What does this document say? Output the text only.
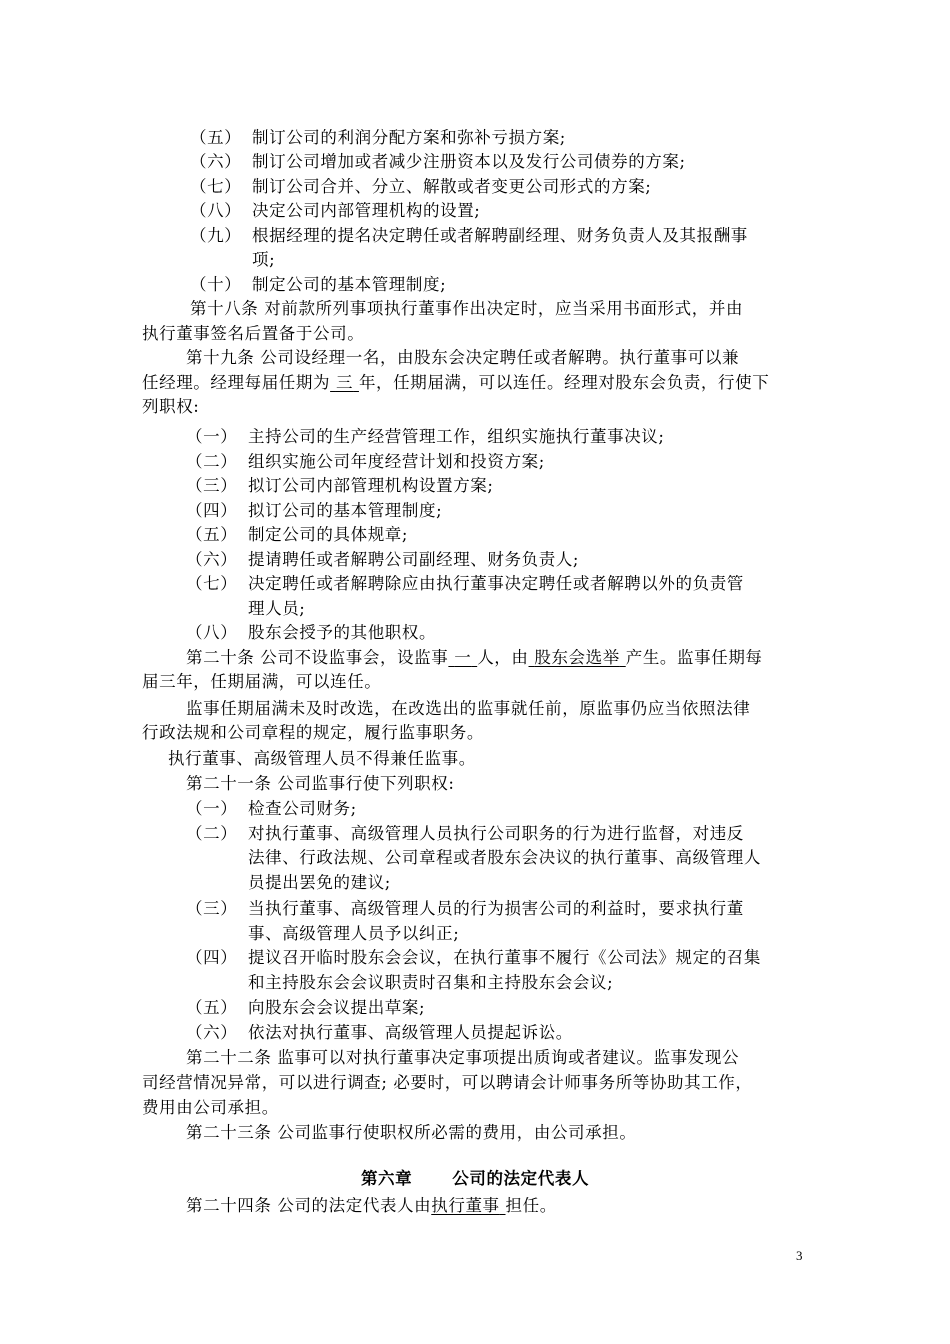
（五） 制订公司的利润分配方案和弥补亏损方案;
（六） 制订公司增加或者减少注册资本以及发行公司债券的方案;
（七） 制订公司合并、分立、解散或者变更公司形式的方案;
（八） 决定公司内部管理机构的设置;
（九） 根据经理的提名决定聘任或者解聘副经理、财务负责人及其报酬事
项;
（十） 制定公司的基本管理制度;
第十八条 对前款所列事项执行董事作出决定时，应当采用书面形式，并由
执行董事签名后置备于公司。
第十九条 公司设经理一名，由股东会决定聘任或者解聘。执行董事可以兼
任经理。经理每届任期为 三 年，任期届满，可以连任。经理对股东会负责，行使下
列职权:
（一） 主持公司的生产经营管理工作，组织实施执行董事决议;
（二） 组织实施公司年度经营计划和投资方案;
（三） 拟订公司内部管理机构设置方案;
（四） 拟订公司的基本管理制度;
（五） 制定公司的具体规章;
（六） 提请聘任或者解聘公司副经理、财务负责人;
（七） 决定聘任或者解聘除应由执行董事决定聘任或者解聘以外的负责管
理人员;
（八） 股东会授予的其他职权。
第二十条 公司不设监事会，设监事 一 人，由 股东会选举 产生。监事任期每
届三年，任期届满，可以连任。
监事任期届满未及时改选，在改选出的监事就任前，原监事仍应当依照法律
行政法规和公司章程的规定，履行监事职务。
执行董事、高级管理人员不得兼任监事。
第二十一条 公司监事行使下列职权:
（一） 检查公司财务;
（二） 对执行董事、高级管理人员执行公司职务的行为进行监督，对违反
法律、行政法规、公司章程或者股东会决议的执行董事、高级管理人
员提出罢免的建议;
（三） 当执行董事、高级管理人员的行为损害公司的利益时，要求执行董
事、高级管理人员予以纠正;
（四） 提议召开临时股东会会议，在执行董事不履行《公司法》规定的召集
和主持股东会会议职责时召集和主持股东会会议;
（五） 向股东会会议提出草案;
（六） 依法对执行董事、高级管理人员提起诉讼。
第二十二条 监事可以对执行董事决定事项提出质询或者建议。监事发现公
司经营情况异常，可以进行调查; 必要时，可以聘请会计师事务所等协助其工作，
费用由公司承担。
第二十三条 公司监事行使职权所必需的费用，由公司承担。
第六章 公司的法定代表人
第二十四条 公司的法定代表人由执行董事 担任。
3
